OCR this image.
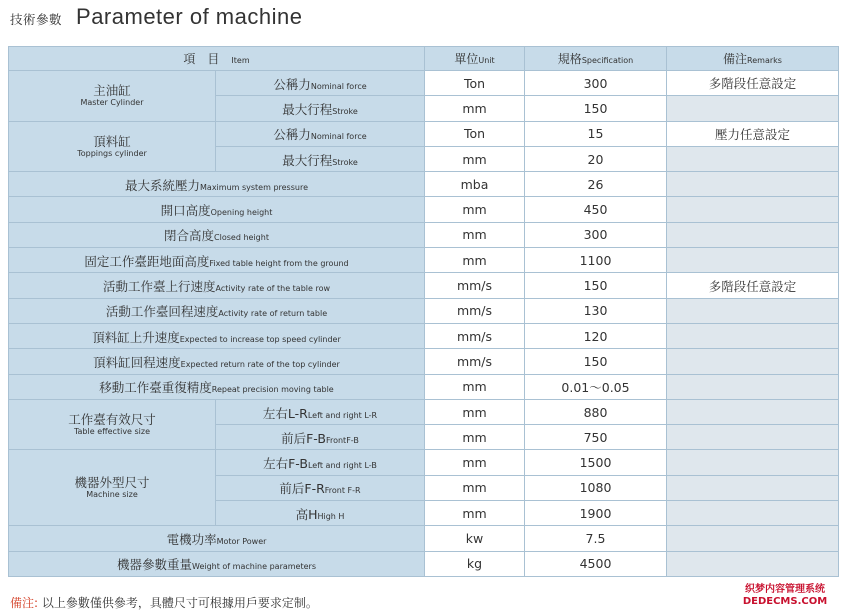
技術參數 Parameter of machine
項　目　 Item		單位Unit	規格Specification	備注Remarks

主油缸
Master Cylinder	公稱力Nominal force	Ton	300	多階段任意設定
	最大行程Stroke	mm	150	

頂料缸
Toppings cylinder	公稱力Nominal force	Ton	15	壓力任意設定
	最大行程Stroke	mm	20	
最大系統壓力Maximum system pressure		mba	26	
開口高度Opening height		mm	450	
閉合高度Closed height		mm	300	
固定工作臺距地面高度Fixed table height from the ground		mm	1100	
活動工作臺上行速度Activity rate of the table row		mm/s	150	多階段任意設定
活動工作臺回程速度Activity rate of return table		mm/s	130	
頂料缸上升速度Expected to increase top speed cylinder		mm/s	120	
頂料缸回程速度Expected return rate of the top cylinder		mm/s	150	
移動工作臺重復精度Repeat precision moving table		mm	0.01～0.05	

工作臺有效尺寸
Table effective size	左右L-RLeft and right L-R	mm	880	
	前后F-BFrontF-B	mm	750	

機器外型尺寸
Machine size	左右F-BLeft and right L-B	mm	1500	
	前后F-RFront F-R	mm	1080	
	高HHigh H	mm	1900	
電機功率Motor Power		kw	7.5	
機器參數重量Weight of machine parameters		kg	4500	
備注: 以上參數僅供參考，具體尺寸可根據用戶要求定制。
织梦内容管理系统
DEDECMS.COM
